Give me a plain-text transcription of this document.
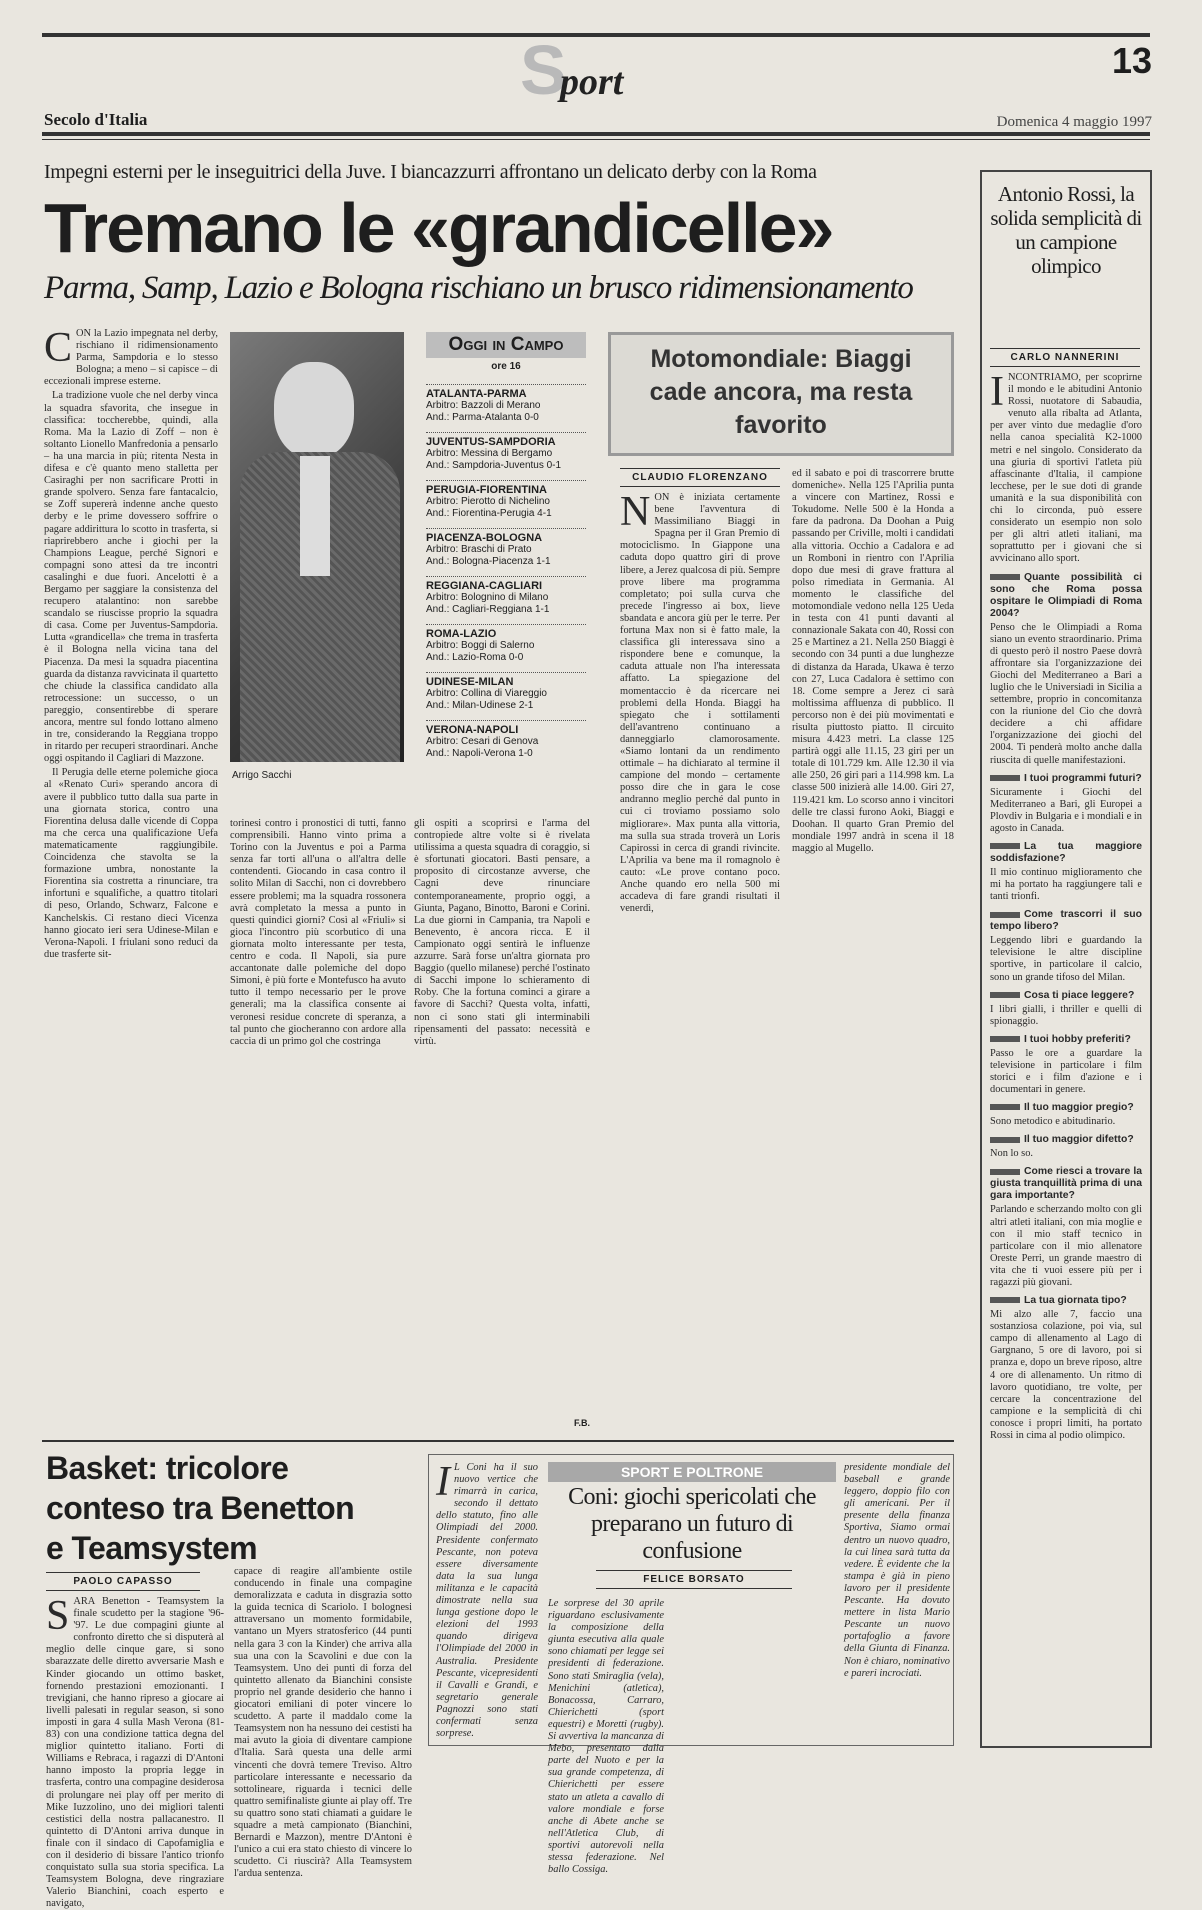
S
port
13
Secolo d'Italia	Domenica 4 maggio 1997
Impegni esterni per le inseguitrici della Juve. I biancazzurri affrontano un delicato derby con la Roma
Tremano le «grandicelle»
Parma, Samp, Lazio e Bologna rischiano un brusco ridimensionamento
C ON la Lazio impegnata nel derby, rischiano il ridimensionamento Parma, Sampdoria e lo stesso Bologna; a meno – si capisce – di eccezionali imprese esterne.

La tradizione vuole che nel derby vinca la squadra sfavorita, che insegue in classifica: toccherebbe, quindi, alla Roma. Ma la Lazio di Zoff – non è soltanto Lionello Manfredonia a pensarlo – ha una marcia in più; ritenta Nesta in difesa e c'è quanto meno stalletta per Casiraghi per non sacrificare Protti in grande spolvero. Senza fare fantacalcio, se Zoff supererà indenne anche questo derby e le prime dovessero soffrire o pagare addirittura lo scotto in trasferta, si riaprirebbero anche i giochi per la Champions League, perché Signori e compagni sono attesi da tre incontri casalinghi e due fuori. Ancelotti è a Bergamo per saggiare la consistenza del recupero atalantino: non sarebbe scandalo se riuscisse proprio la squadra di casa. Come per Juventus-Sampdoria. Lutta «grandicella» che trema in trasferta è il Bologna nella vicina tana del Piacenza. Da mesi la squadra piacentina guarda da distanza ravvicinata il quartetto che chiude la classifica candidato alla retrocessione: un successo, o un pareggio, consentirebbe di sperare ancora, mentre sul fondo lottano almeno in tre, considerando la Reggiana troppo in ritardo per recuperi straordinari. Anche oggi ospitando il Cagliari di Mazzone.

Il Perugia delle eterne polemiche gioca al «Renato Curi» sperando ancora di avere il pubblico tutto dalla sua parte in una giornata storica, contro una Fiorentina delusa dalle vicende di Coppa ma che cerca una qualificazione Uefa matematicamente raggiungibile. Coincidenza che stavolta se la formazione umbra, nonostante la Fiorentina sia costretta a rinunciare, tra infortuni e squalifiche, a quattro titolari di peso, Orlando, Schwarz, Falcone e Kanchelskis. Ci restano dieci Vicenza hanno giocato ieri sera Udinese-Milan e Verona-Napoli. I friulani sono reduci da due trasferte sit-

Arrigo Sacchi

torinesi contro i pronostici di tutti, fanno comprensibili. Hanno vinto prima a Torino con la Juventus e poi a Parma senza far torti all'una o all'altra delle contendenti. Giocando in casa contro il solito Milan di Sacchi, non ci dovrebbero essere problemi; ma la squadra rossonera avrà completato la messa a punto in questi quindici giorni? Così al «Friuli» si gioca l'incontro più scorbutico di una giornata molto interessante per testa, centro e coda. Il Napoli, sia pure accantonate dalle polemiche del dopo Simoni, è più forte e Montefusco ha avuto tutto il tempo necessario per le prove generali; ma la classifica consente ai veronesi residue concrete di speranza, a tal punto che giocheranno con ardore alla caccia di un primo gol che costringa

gli ospiti a scoprirsi e l'arma del contropiede altre volte si è rivelata utilissima a questa squadra di coraggio, si è sfortunati giocatori. Basti pensare, a proposito di circostanze avverse, che Cagni deve rinunciare contemporaneamente, proprio oggi, a Giunta, Pagano, Binotto, Baroni e Corini. La due giorni in Campania, tra Napoli e Benevento, è ancora ricca. E il Campionato oggi sentirà le influenze azzurre. Sarà forse un'altra giornata pro Baggio (quello milanese) perché l'ostinato di Sacchi impone lo schieramento di Roby. Che la fortuna cominci a girare a favore di Sacchi? Questa volta, infatti, non ci sono stati gli interminabili ripensamenti del passato: necessità e virtù.

F.B.
Oggi in Campo
ore 16
ATALANTA-PARMA
Arbitro: Bazzoli di Merano
And.: Parma-Atalanta 0-0
JUVENTUS-SAMPDORIA
Arbitro: Messina di Bergamo
And.: Sampdoria-Juventus 0-1
PERUGIA-FIORENTINA
Arbitro: Pierotto di Nichelino
And.: Fiorentina-Perugia 4-1
PIACENZA-BOLOGNA
Arbitro: Braschi di Prato
And.: Bologna-Piacenza 1-1
REGGIANA-CAGLIARI
Arbitro: Bolognino di Milano
And.: Cagliari-Reggiana 1-1
ROMA-LAZIO
Arbitro: Boggi di Salerno
And.: Lazio-Roma 0-0
UDINESE-MILAN
Arbitro: Collina di Viareggio
And.: Milan-Udinese 2-1
VERONA-NAPOLI
Arbitro: Cesari di Genova
And.: Napoli-Verona 1-0
Motomondiale: Biaggi cade ancora, ma resta favorito
CLAUDIO FLORENZANO
N ON è iniziata certamente bene l'avventura di Massimiliano Biaggi in Spagna per il Gran Premio di motociclismo. In Giappone una caduta dopo quattro giri di prove libere, a Jerez qualcosa di più. Sempre prove libere ma programma completato; poi sulla curva che precede l'ingresso ai box, lieve sbandata e ancora giù per le terre. Per fortuna Max non si è fatto male, la classifica gli interessava sino a rispondere bene e comunque, la caduta attuale non l'ha interessata affatto. La spiegazione del momentaccio è da ricercare nei problemi della Honda. Biaggi ha spiegato che i sottilamenti dell'avantreno continuano a danneggiarlo clamorosamente. «Siamo lontani da un rendimento ottimale – ha dichiarato al termine il campione del mondo – certamente posso dire che in gara le cose andranno meglio perché dal punto in cui ci troviamo possiamo solo migliorare». Max punta alla vittoria, ma sulla sua strada troverà un Loris Capirossi in cerca di grandi rivincite. L'Aprilia va bene ma il romagnolo è cauto: «Le prove contano poco. Anche quando ero nella 500 mi accadeva di fare grandi risultati il venerdì,

ed il sabato e poi di trascorrere brutte domeniche». Nella 125 l'Aprilia punta a vincere con Martinez, Rossi e Tokudome. Nelle 500 è la Honda a fare da padrona. Da Doohan a Puig passando per Criville, molti i candidati alla vittoria. Occhio a Cadalora e ad un Romboni in rientro con l'Aprilia dopo due mesi di grave frattura al polso rimediata in Germania. Al momento le classifiche del motomondiale vedono nella 125 Ueda in testa con 41 punti davanti al connazionale Sakata con 40, Rossi con 25 e Martinez a 21. Nella 250 Biaggi è secondo con 34 punti a due lunghezze di distanza da Harada, Ukawa è terzo con 27, Luca Cadalora è settimo con 18. Come sempre a Jerez ci sarà moltissima affluenza di pubblico. Il percorso non è dei più movimentati e risulta piuttosto piatto. Il circuito misura 4.423 metri. La classe 125 partirà oggi alle 11.15, 23 giri per un totale di 101.729 km. Alle 12.30 il via alle 250, 26 giri pari a 114.998 km. La classe 500 inizierà alle 14.00. Giri 27, 119.421 km. Lo scorso anno i vincitori delle tre classi furono Aoki, Biaggi e Doohan. Il quarto Gran Premio del mondiale 1997 andrà in scena il 18 maggio al Mugello.

Basket: tricolore conteso tra Benetton e Teamsystem
PAOLO CAPASSO
S ARA Benetton - Teamsystem la finale scudetto per la stagione '96-'97. Le due compagini giunte al confronto diretto che si disputerà al meglio delle cinque gare, si sono sbarazzate delle diretto avversarie Mash e Kinder giocando un ottimo basket, fornendo prestazioni emozionanti. I trevigiani, che hanno ripreso a giocare ai livelli palesati in regular season, si sono imposti in gara 4 sulla Mash Verona (81-83) con una condizione tattica degna del miglior quintetto italiano. Forti di Williams e Rebraca, i ragazzi di D'Antoni hanno imposto la propria legge in trasferta, contro una compagine desiderosa di prolungare nei play off per merito di Mike Iuzzolino, uno dei migliori talenti cestistici della nostra pallacanestro. Il quintetto di D'Antoni arriva dunque in finale con il sindaco di Capofamiglia e con il desiderio di bissare l'antico trionfo conquistato sulla sua storia specifica. La Teamsystem Bologna, deve ringraziare Valerio Bianchini, coach esperto e navigato,

capace di reagire all'ambiente ostile conducendo in finale una compagine demoralizzata e caduta in disgrazia sotto la guida tecnica di Scariolo. I bolognesi attraversano un momento formidabile, vantano un Myers stratosferico (44 punti nella gara 3 con la Kinder) che arriva alla sua una con la Scavolini e due con la Teamsystem. Uno dei punti di forza del quintetto allenato da Bianchini consiste proprio nel grande desiderio che hanno i giocatori emiliani di poter vincere lo scudetto. A parte il maddalo come la Teamsystem non ha nessuno dei cestisti ha mai avuto la gioia di diventare campione d'Italia. Sarà questa una delle armi vincenti che dovrà temere Treviso. Altro particolare interessante e necessario da sottolineare, riguarda i tecnici delle quattro semifinaliste giunte ai play off. Tre su quattro sono stati chiamati a guidare le squadre a metà campionato (Bianchini, Bernardi e Mazzon), mentre D'Antoni è l'unico a cui era stato chiesto di vincere lo scudetto. Ci riuscirà? Alla Teamsystem l'ardua sentenza.

I L Coni ha il suo nuovo vertice che rimarrà in carica, secondo il dettato dello statuto, fino alle Olimpiadi del 2000. Presidente confermato Pescante, non poteva essere diversamente data la sua lunga militanza e le capacità dimostrate nella sua lunga gestione dopo le elezioni del 1993 quando dirigeva l'Olimpiade del 2000 in Australia. Presidente Pescante, vicepresidenti il Cavalli e Grandi, e segretario generale Pagnozzi sono stati confermati senza sorprese.

SPORT E POLTRONE
Coni: giochi spericolati che preparano un futuro di confusione
FELICE BORSATO

Le sorprese del 30 aprile riguardano esclusivamente la composizione della giunta esecutiva alla quale sono chiamati per legge sei presidenti di federazione. Sono stati Smiraglia (vela), Menichini (atletica), Bonacossa, Carraro, Chierichetti (sport equestri) e Moretti (rugby). Si avvertiva la mancanza di Mebo, presentato dalla parte del Nuoto e per la sua grande competenza, di Chierichetti per essere stato un atleta a cavallo di valore mondiale e forse anche di Abete anche se nell'Atletica Club, di sportivi autorevoli nella stessa federazione. Nel ballo Cossiga.

presidente mondiale del baseball e grande leggero, doppio filo con gli americani. Per il presente della finanza Sportiva, Siamo ormai dentro un nuovo quadro, la cui linea sarà tutta da vedere. È evidente che la stampa è già in pieno lavoro per il presidente Pescante. Ha dovuto mettere in lista Mario Pescante un nuovo portafoglio a favore della Giunta di Finanza. Non è chiaro, nominativo e pareri incrociati.

Antonio Rossi, la solida semplicità di un campione olimpico
CARLO NANNERINI
I NCONTRIAMO, per scoprirne il mondo e le abitudini Antonio Rossi, nuotatore di Sabaudia, venuto alla ribalta ad Atlanta, per aver vinto due medaglie d'oro nella canoa specialità K2-1000 metri e nel singolo. Considerato da una giuria di sportivi l'atleta più affascinante d'Italia, il campione lecchese, per le sue doti di grande umanità e la sua disponibilità con chi lo circonda, può essere considerato un esempio non solo per gli altri atleti italiani, ma soprattutto per i giovani che si avvicinano allo sport.

Quante possibilità ci sono che Roma possa ospitare le Olimpiadi di Roma 2004?

Penso che le Olimpiadi a Roma siano un evento straordinario. Prima di questo però il nostro Paese dovrà affrontare sia l'organizzazione dei Giochi del Mediterraneo a Bari a luglio che le Universiadi in Sicilia a settembre, proprio in concomitanza con la riunione del Cio che dovrà decidere a chi affidare l'organizzazione dei giochi del 2004. Ti penderà molto anche dalla riuscita di quelle manifestazioni.

I tuoi programmi futuri?

Sicuramente i Giochi del Mediterraneo a Bari, gli Europei a Plovdiv in Bulgaria e i mondiali e in agosto in Canada.

La tua maggiore soddisfazione?

Il mio continuo miglioramento che mi ha portato ha raggiungere tali e tanti trionfi.

Come trascorri il suo tempo libero?

Leggendo libri e guardando la televisione le altre discipline sportive, in particolare il calcio, sono un grande tifoso del Milan.

Cosa ti piace leggere?

I libri gialli, i thriller e quelli di spionaggio.

I tuoi hobby preferiti?

Passo le ore a guardare la televisione in particolare i film storici e i film d'azione e i documentari in genere.

Il tuo maggior pregio?

Sono metodico e abitudinario.

Il tuo maggior difetto?

Non lo so.

Come riesci a trovare la giusta tranquillità prima di una gara importante?

Parlando e scherzando molto con gli altri atleti italiani, con mia moglie e con il mio staff tecnico in particolare con il mio allenatore Oreste Perri, un grande maestro di vita che ti vuoi essere più per i ragazzi più giovani.

La tua giornata tipo?

Mi alzo alle 7, faccio una sostanziosa colazione, poi via, sul campo di allenamento al Lago di Gargnano, 5 ore di lavoro, poi si pranza e, dopo un breve riposo, altre 4 ore di allenamento. Un ritmo di lavoro quotidiano, tre volte, per cercare la concentrazione del campione e la semplicità di chi conosce i propri limiti, ha portato Rossi in cima al podio olimpico.
